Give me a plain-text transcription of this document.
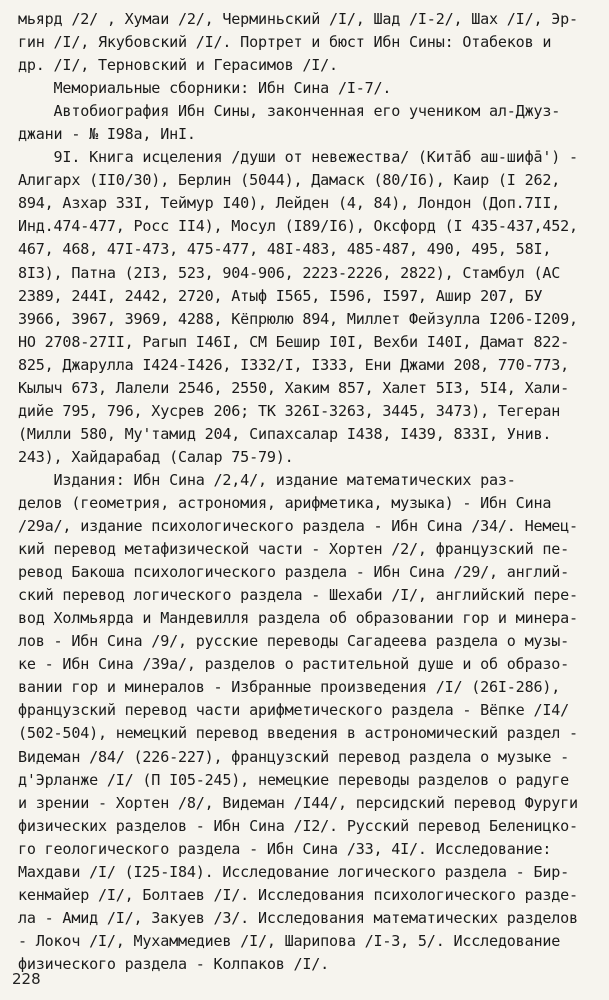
мьярд /2/ , Хумаи /2/, Черминьский /I/, Шад /I-2/, Шах /I/, Эр-
гин /I/, Якубовский /I/. Портрет и бюст Ибн Сины: Отабеков и
др. /I/, Терновский и Герасимов /I/.
Мемориальные сборники: Ибн Сина /I-7/.
Автобиография Ибн Сины, законченная его учеником ал-Джуз-
джани - № I98а, ИнI.
9I. Книга исцеления /души от невежества/ (Китāб аш-шифā') -
Алигарх (II0/30), Берлин (5044), Дамаск (80/I6), Каир (I 262,
894, Азхар 33I, Теймур I40), Лейден (4, 84), Лондон (Доп.7II,
Инд.474-477, Росс II4), Мосул (I89/I6), Оксфорд (I 435-437,452,
467, 468, 47I-473, 475-477, 48I-483, 485-487, 490, 495, 58I,
8I3), Патна (2I3, 523, 904-906, 2223-2226, 2822), Стамбул (АС
2389, 244I, 2442, 2720, Атыф I565, I596, I597, Ашир 207, БУ
3966, 3967, 3969, 4288, Кёпрюлю 894, Миллет Фейзулла I206-I209,
НО 2708-27II, Рагып I46I, СМ Бешир I0I, Вехби I40I, Дамат 822-
825, Джарулла I424-I426, I332/I, I333, Ени Джами 208, 770-773,
Кылыч 673, Лалели 2546, 2550, Хаким 857, Халет 5I3, 5I4, Хали-
дийе 795, 796, Хусрев 206; ТК 326I-3263, 3445, 3473), Тегеран
(Милли 580, Му'тамид 204, Сипахсалар I438, I439, 833I, Унив.
243), Хайдарабад (Салар 75-79).
Издания: Ибн Сина /2,4/, издание математических раз-
делов (геометрия, астрономия, арифметика, музыка) - Ибн Сина
/29а/, издание психологического раздела - Ибн Сина /34/. Немец-
кий перевод метафизической части - Хортен /2/, французский пе-
ревод Бакоша психологического раздела - Ибн Сина /29/, англий-
ский перевод логического раздела - Шехаби /I/, английский пере-
вод Холмьярда и Мандевилля раздела об образовании гор и минера-
лов - Ибн Сина /9/, русские переводы Сагадеева раздела о музы-
ке - Ибн Сина /39а/, разделов о растительной душе и об образо-
вании гор и минералов - Избранные произведения /I/ (26I-286),
французский перевод части арифметического раздела - Вёпке /I4/
(502-504), немецкий перевод введения в астрономический раздел -
Видеман /84/ (226-227), французский перевод раздела о музыке -
д'Эрланже /I/ (П I05-245), немецкие переводы разделов о радуге
и зрении - Хортен /8/, Видеман /I44/, персидский перевод Фуруги
физических разделов - Ибн Сина /I2/. Русский перевод Беленицко-
го геологического раздела - Ибн Сина /33, 4I/. Исследование:
Махдави /I/ (I25-I84). Исследование логического раздела - Бир-
кенмайер /I/, Болтаев /I/. Исследования психологического разде-
ла - Амид /I/, Закуев /3/. Исследования математических разделов
- Локоч /I/, Мухаммедиев /I/, Шарипова /I-3, 5/. Исследование
физического раздела - Колпаков /I/.
228
